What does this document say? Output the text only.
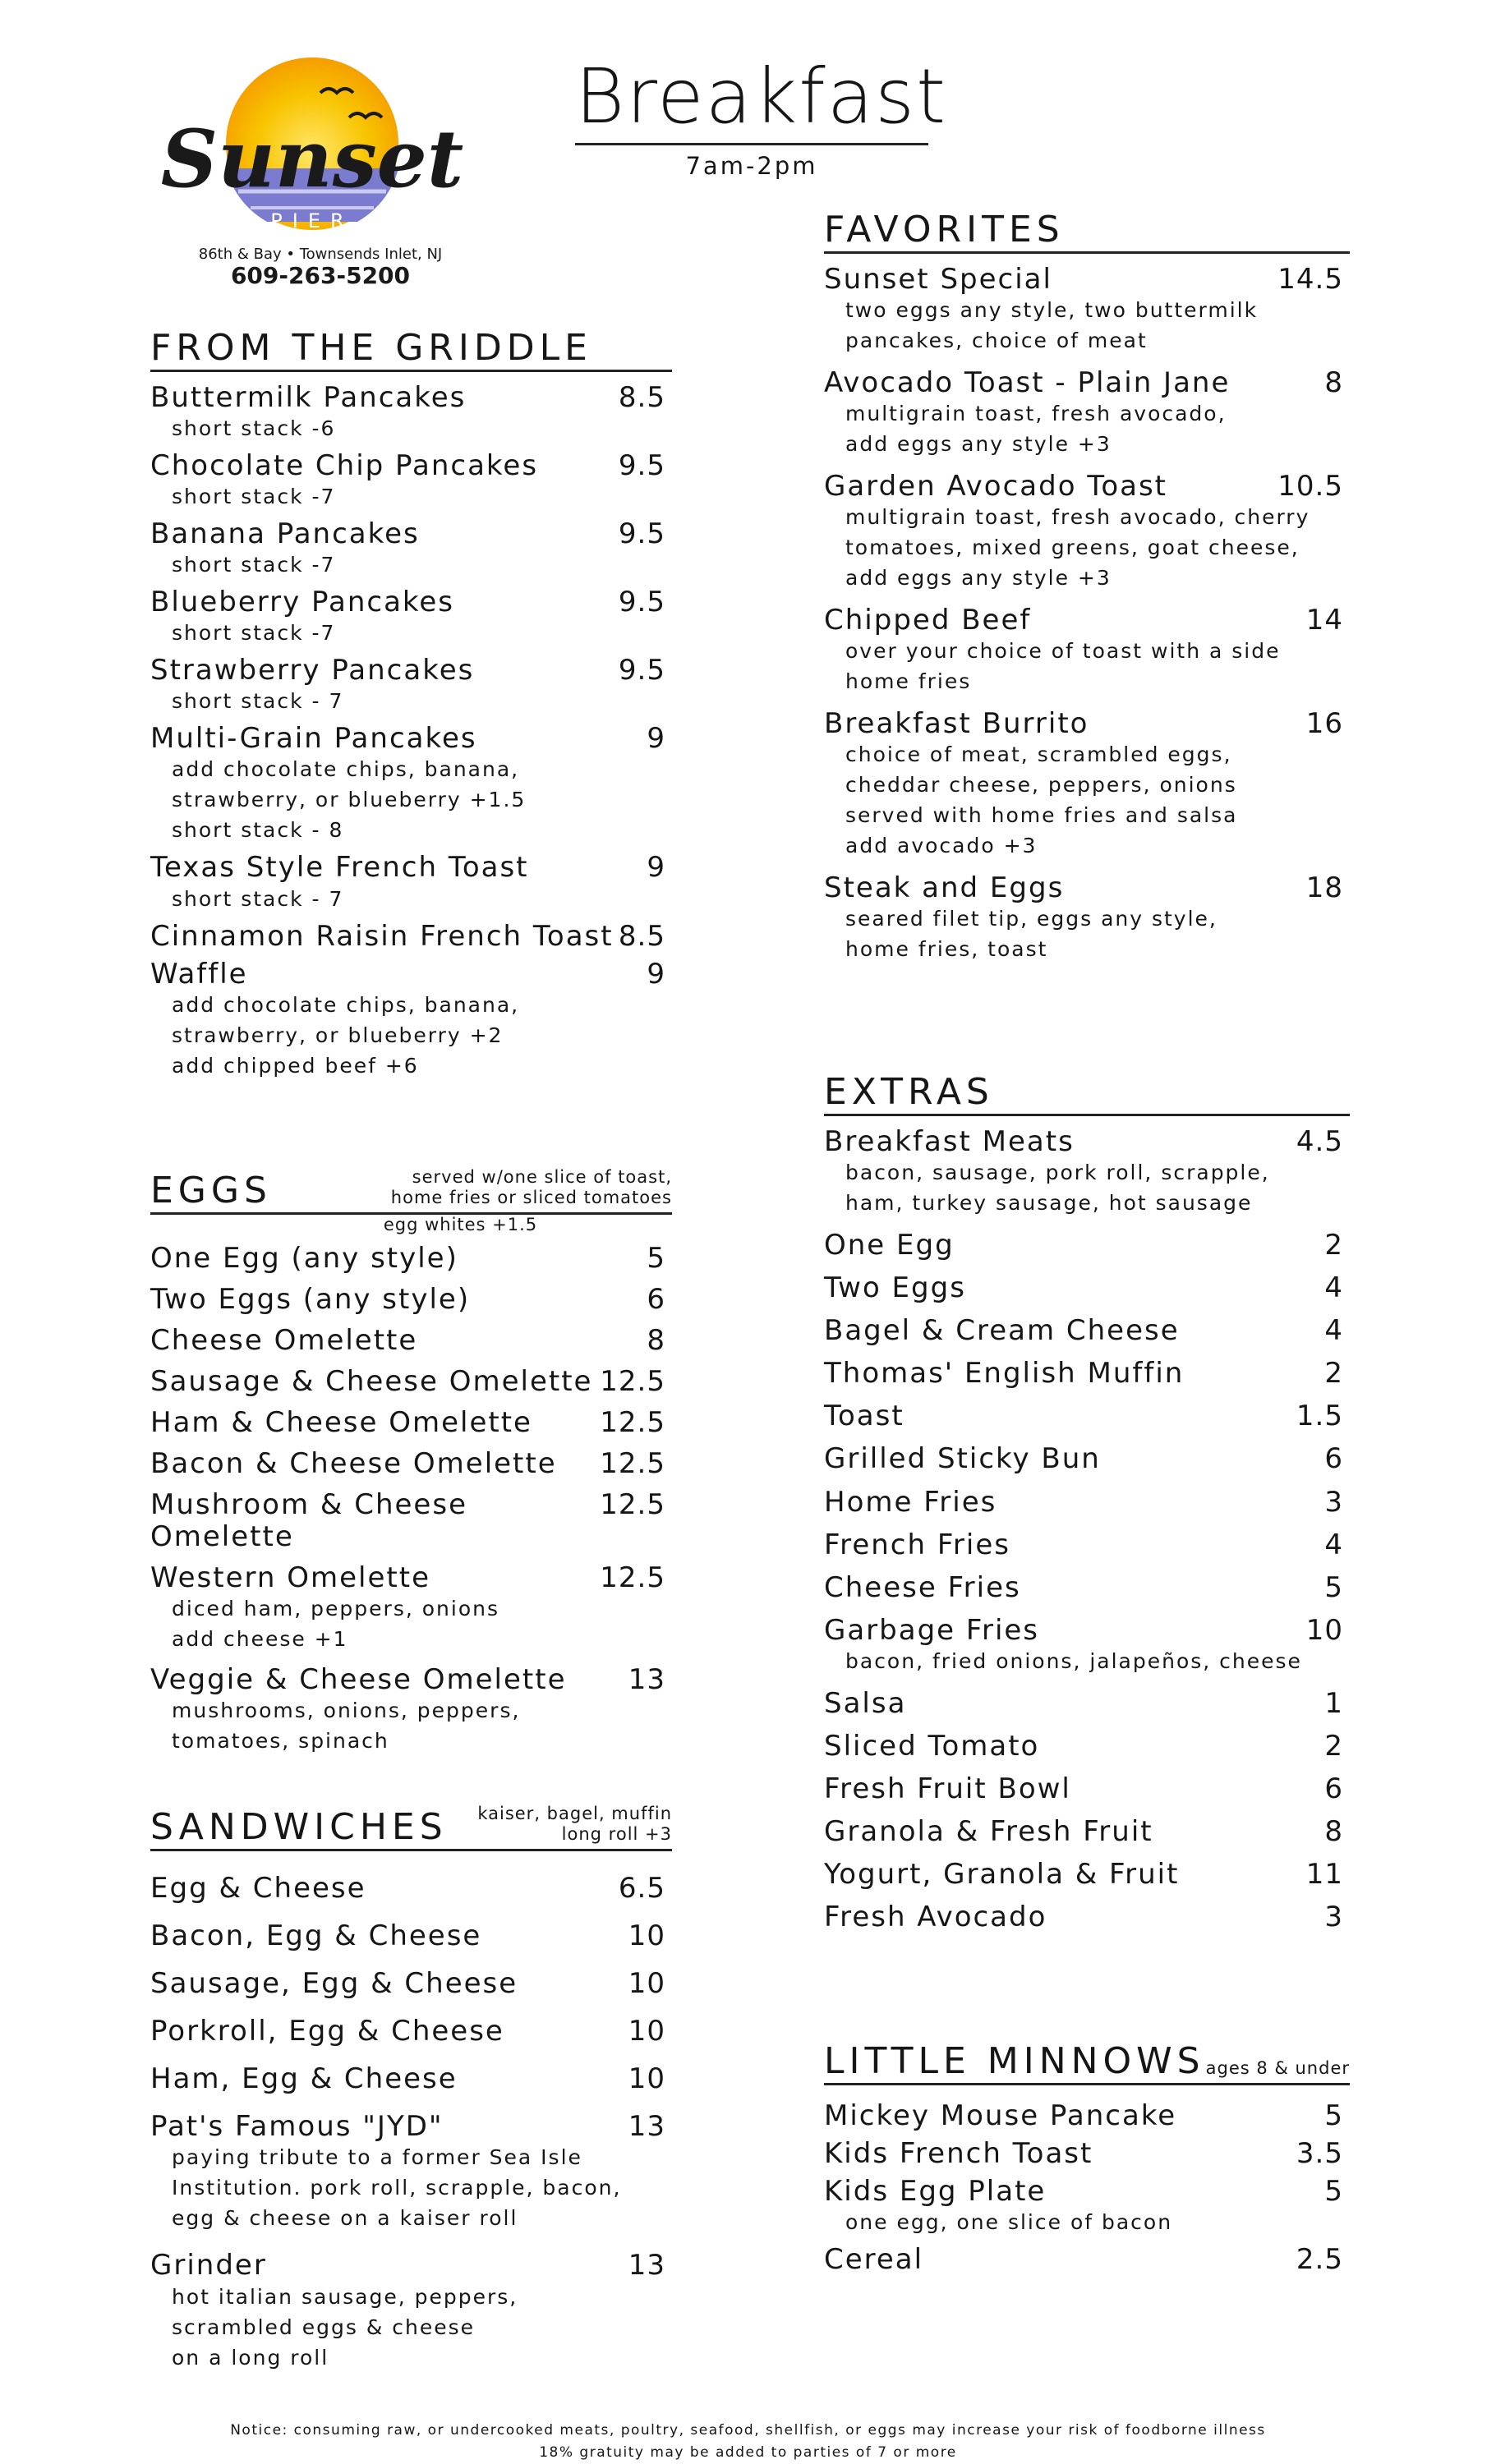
Sunset
PIER
86th & Bay • Townsends Inlet, NJ
609-263-5200
Breakfast
7am-2pm
FROM THE GRIDDLE
Buttermilk Pancakes	8.5
short stack -6
Chocolate Chip Pancakes	9.5
short stack -7
Banana Pancakes	9.5
short stack -7
Blueberry Pancakes	9.5
short stack -7
Strawberry Pancakes	9.5
short stack - 7
Multi-Grain Pancakes	9
add chocolate chips, banana,
strawberry, or blueberry +1.5
short stack - 8
Texas Style French Toast	9
short stack - 7
Cinnamon Raisin French Toast 8.5
Waffle	9
add chocolate chips, banana,
strawberry, or blueberry +2
add chipped beef +6
EGGS	served w/one slice of toast,
home fries or sliced tomatoes
egg whites +1.5
One Egg (any style)	5
Two Eggs (any style)	6
Cheese Omelette	8
Sausage & Cheese Omelette 12.5
Ham & Cheese Omelette 12.5
Bacon & Cheese Omelette 12.5
Mushroom & Cheese Omelette
12.5
Western Omelette	12.5
diced ham, peppers, onions
add cheese +1
Veggie & Cheese Omelette 13
mushrooms, onions, peppers,
tomatoes, spinach
SANDWICHES kaiser, bagel, muffin
long roll +3
Egg & Cheese	6.5
Bacon, Egg & Cheese	10
Sausage, Egg & Cheese	10
Porkroll, Egg & Cheese	10
Ham, Egg & Cheese	10
Pat's Famous "JYD"	13
paying tribute to a former Sea Isle
Institution. pork roll, scrapple, bacon,
egg & cheese on a kaiser roll
Grinder	13
hot italian sausage, peppers,
scrambled eggs & cheese
on a long roll
FAVORITES
Sunset Special	14.5
two eggs any style, two buttermilk
pancakes, choice of meat
Avocado Toast - Plain Jane	8
multigrain toast, fresh avocado,
add eggs any style +3
Garden Avocado Toast	10.5
multigrain toast, fresh avocado, cherry
tomatoes, mixed greens, goat cheese,
add eggs any style +3
Chipped Beef	14
over your choice of toast with a side
home fries
Breakfast Burrito	16
choice of meat, scrambled eggs,
cheddar cheese, peppers, onions
served with home fries and salsa
add avocado +3
Steak and Eggs	18
seared filet tip, eggs any style,
home fries, toast
EXTRAS
Breakfast Meats	4.5
bacon, sausage, pork roll, scrapple,
ham, turkey sausage, hot sausage
One Egg	2
Two Eggs	4
Bagel & Cream Cheese	4
Thomas' English Muffin	2
Toast	1.5
Grilled Sticky Bun	6
Home Fries	3
French Fries	4
Cheese Fries	5
Garbage Fries	10
bacon, fried onions, jalapeños, cheese
Salsa	1
Sliced Tomato	2
Fresh Fruit Bowl	6
Granola & Fresh Fruit	8
Yogurt, Granola & Fruit	11
Fresh Avocado	3
LITTLE MINNOWS ages 8 & under
Mickey Mouse Pancake	5
Kids French Toast	3.5
Kids Egg Plate	5
one egg, one slice of bacon
Cereal	2.5
Notice: consuming raw, or undercooked meats, poultry, seafood, shellfish, or eggs may increase your risk of foodborne illness
18% gratuity may be added to parties of 7 or more
